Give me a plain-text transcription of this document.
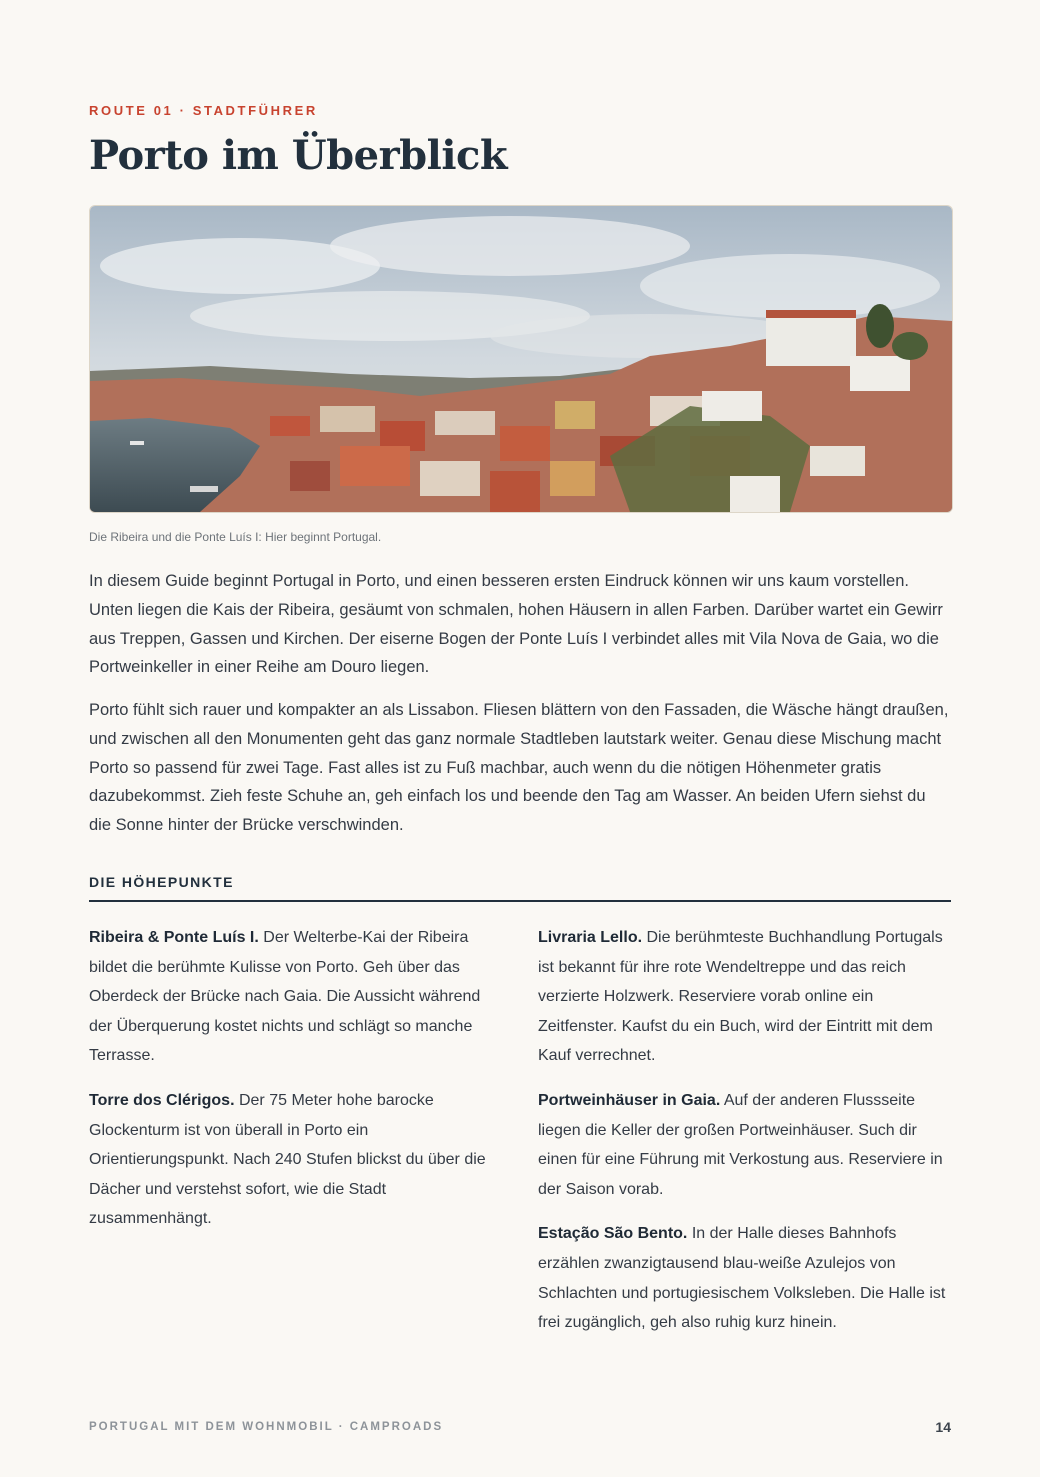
ROUTE 01 · STADTFÜHRER
Porto im Überblick
Die Ribeira und die Ponte Luís I: Hier beginnt Portugal.

In diesem Guide beginnt Portugal in Porto, und einen besseren ersten Eindruck können wir uns kaum vorstellen. Unten liegen die Kais der Ribeira, gesäumt von schmalen, hohen Häusern in allen Farben. Darüber wartet ein Gewirr aus Treppen, Gassen und Kirchen. Der eiserne Bogen der Ponte Luís I verbindet alles mit Vila Nova de Gaia, wo die Portweinkeller in einer Reihe am Douro liegen.

Porto fühlt sich rauer und kompakter an als Lissabon. Fliesen blättern von den Fassaden, die Wäsche hängt draußen, und zwischen all den Monumenten geht das ganz normale Stadtleben lautstark weiter. Genau diese Mischung macht Porto so passend für zwei Tage. Fast alles ist zu Fuß machbar, auch wenn du die nötigen Höhenmeter gratis dazubekommst. Zieh feste Schuhe an, geh einfach los und beende den Tag am Wasser. An beiden Ufern siehst du die Sonne hinter der Brücke verschwinden.

DIE HÖHEPUNKTE

Ribeira & Ponte Luís I. Der Welterbe-Kai der Ribeira bildet die berühmte Kulisse von Porto. Geh über das Oberdeck der Brücke nach Gaia. Die Aussicht während der Überquerung kostet nichts und schlägt so manche Terrasse.

Torre dos Clérigos. Der 75 Meter hohe barocke Glockenturm ist von überall in Porto ein Orientierungspunkt. Nach 240 Stufen blickst du über die Dächer und verstehst sofort, wie die Stadt zusammenhängt.

Livraria Lello. Die berühmteste Buchhandlung Portugals ist bekannt für ihre rote Wendeltreppe und das reich verzierte Holzwerk. Reserviere vorab online ein Zeitfenster. Kaufst du ein Buch, wird der Eintritt mit dem Kauf verrechnet.

Portweinhäuser in Gaia. Auf der anderen Flussseite liegen die Keller der großen Portweinhäuser. Such dir einen für eine Führung mit Verkostung aus. Reserviere in der Saison vorab.

Estação São Bento. In der Halle dieses Bahnhofs erzählen zwanzigtausend blau-weiße Azulejos von Schlachten und portugiesischem Volksleben. Die Halle ist frei zugänglich, geh also ruhig kurz hinein.

PORTUGAL MIT DEM WOHNMOBIL · CAMPROADS	14
